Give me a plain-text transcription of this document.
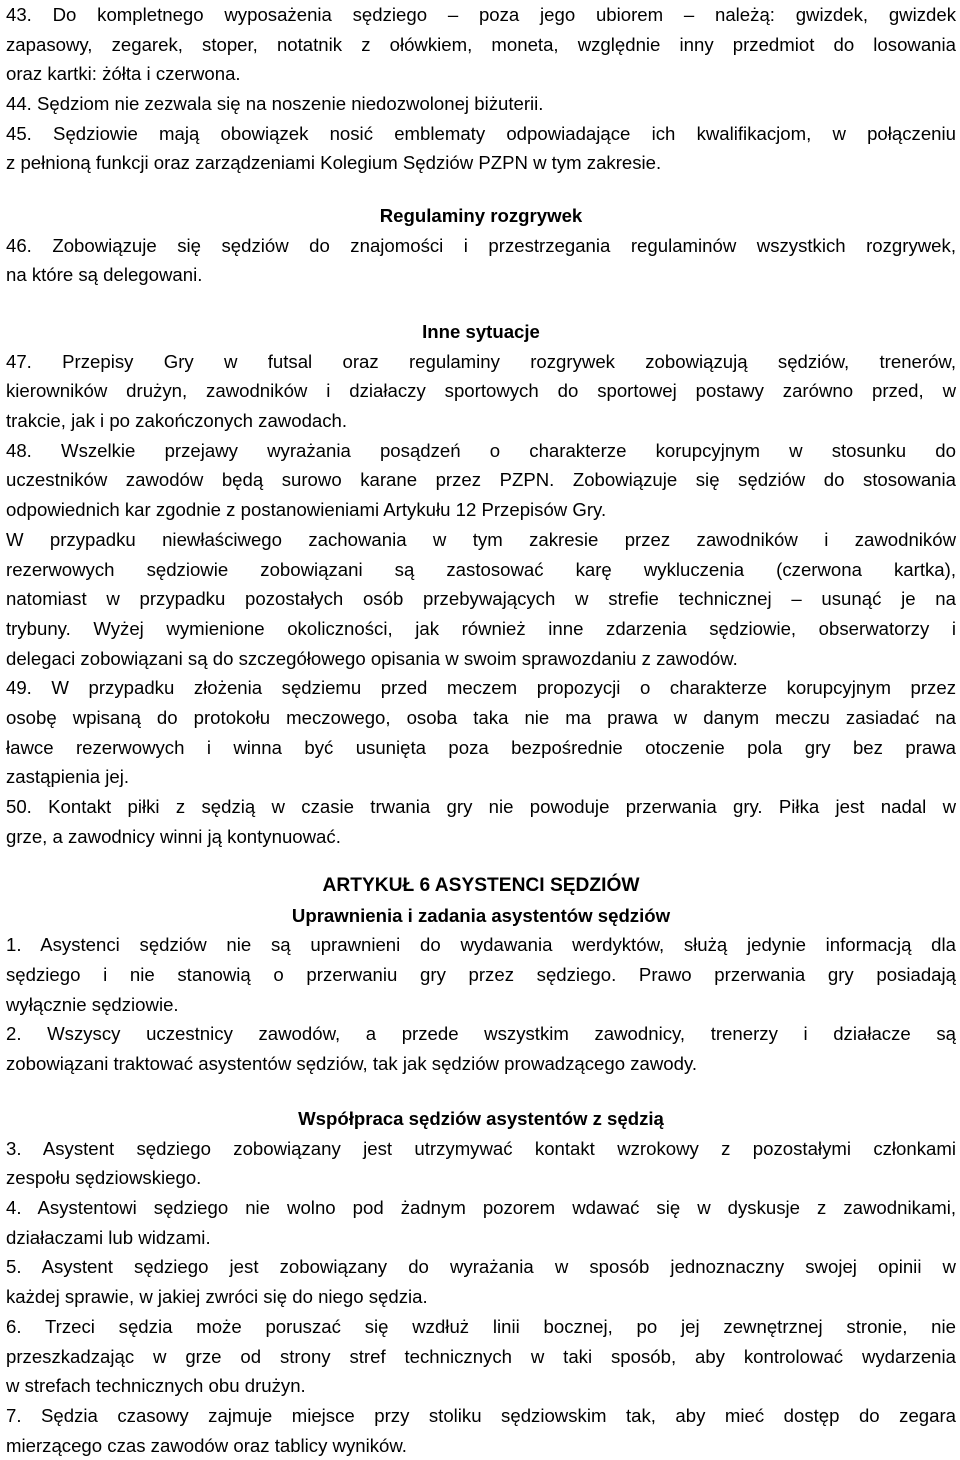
43. Do kompletnego wyposażenia sędziego – poza jego ubiorem – należą: gwizdek, gwizdek
zapasowy, zegarek, stoper, notatnik z ołówkiem, moneta, względnie inny przedmiot do losowania
oraz kartki: żółta i czerwona.
44. Sędziom nie zezwala się na noszenie niedozwolonej biżuterii.
45. Sędziowie mają obowiązek nosić emblematy odpowiadające ich kwalifikacjom, w połączeniu
z pełnioną funkcji oraz zarządzeniami Kolegium Sędziów PZPN w tym zakresie.
Regulaminy rozgrywek
46. Zobowiązuje się sędziów do znajomości i przestrzegania regulaminów wszystkich rozgrywek,
na które są delegowani.
Inne sytuacje
47. Przepisy Gry w futsal oraz regulaminy rozgrywek zobowiązują sędziów, trenerów,
kierowników drużyn, zawodników i działaczy sportowych do sportowej postawy zarówno przed, w
trakcie, jak i po zakończonych zawodach.
48. Wszelkie przejawy wyrażania posądzeń o charakterze korupcyjnym w stosunku do
uczestników zawodów będą surowo karane przez PZPN. Zobowiązuje się sędziów do stosowania
odpowiednich kar zgodnie z postanowieniami Artykułu 12 Przepisów Gry.
W przypadku niewłaściwego zachowania w tym zakresie przez zawodników i zawodników
rezerwowych sędziowie zobowiązani są zastosować karę wykluczenia (czerwona kartka),
natomiast w przypadku pozostałych osób przebywających w strefie technicznej – usunąć je na
trybuny. Wyżej wymienione okoliczności, jak również inne zdarzenia sędziowie, obserwatorzy i
delegaci zobowiązani są do szczegółowego opisania w swoim sprawozdaniu z zawodów.
49. W przypadku złożenia sędziemu przed meczem propozycji o charakterze korupcyjnym przez
osobę wpisaną do protokołu meczowego, osoba taka nie ma prawa w danym meczu zasiadać na
ławce rezerwowych i winna być usunięta poza bezpośrednie otoczenie pola gry bez prawa
zastąpienia jej.
50. Kontakt piłki z sędzią w czasie trwania gry nie powoduje przerwania gry. Piłka jest nadal w
grze, a zawodnicy winni ją kontynuować.
ARTYKUŁ 6 ASYSTENCI SĘDZIÓW
Uprawnienia i zadania asystentów sędziów
1. Asystenci sędziów nie są uprawnieni do wydawania werdyktów, służą jedynie informacją dla
sędziego i nie stanowią o przerwaniu gry przez sędziego. Prawo przerwania gry posiadają
wyłącznie sędziowie.
2. Wszyscy uczestnicy zawodów, a przede wszystkim zawodnicy, trenerzy i działacze są
zobowiązani traktować asystentów sędziów, tak jak sędziów prowadzącego zawody.
Współpraca sędziów asystentów z sędzią
3. Asystent sędziego zobowiązany jest utrzymywać kontakt wzrokowy z pozostałymi członkami
zespołu sędziowskiego.
4. Asystentowi sędziego nie wolno pod żadnym pozorem wdawać się w dyskusje z zawodnikami,
działaczami lub widzami.
5. Asystent sędziego jest zobowiązany do wyrażania w sposób jednoznaczny swojej opinii w
każdej sprawie, w jakiej zwróci się do niego sędzia.
6. Trzeci sędzia może poruszać się wzdłuż linii bocznej, po jej zewnętrznej stronie, nie
przeszkadzając w grze od strony stref technicznych w taki sposób, aby kontrolować wydarzenia
w strefach technicznych obu drużyn.
7. Sędzia czasowy zajmuje miejsce przy stoliku sędziowskim tak, aby mieć dostęp do zegara
mierzącego czas zawodów oraz tablicy wyników.
